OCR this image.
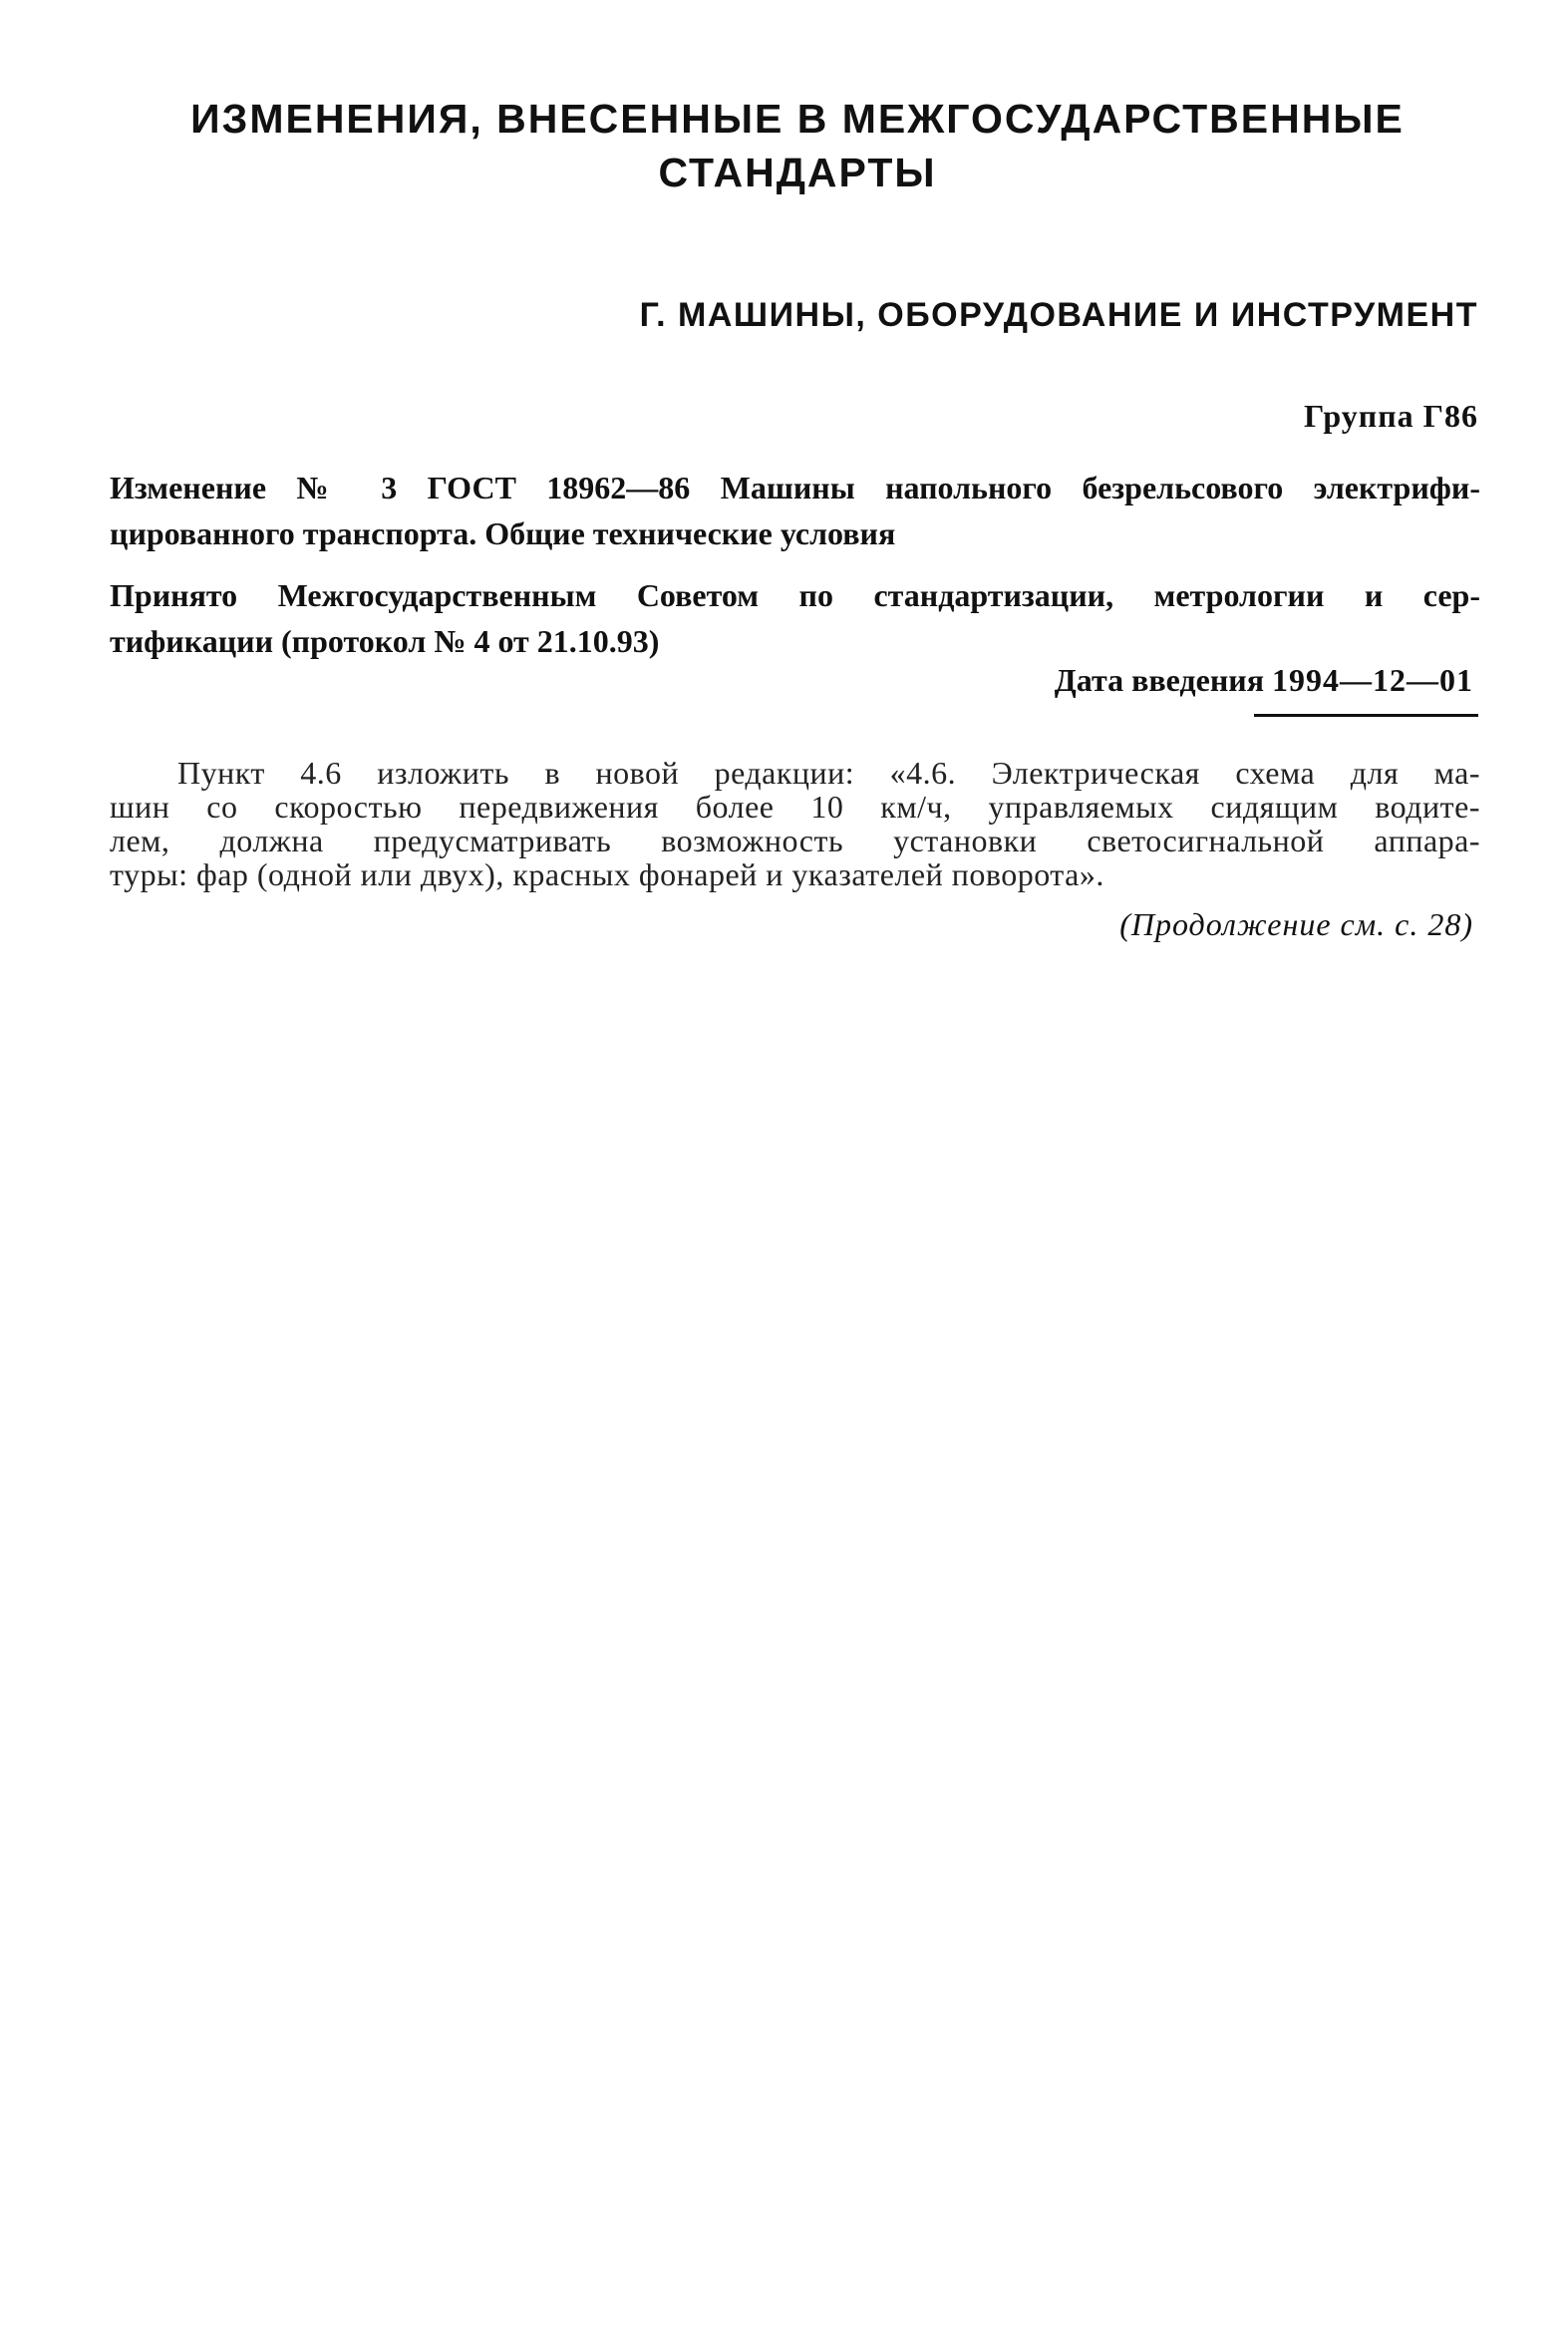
ИЗМЕНЕНИЯ, ВНЕСЕННЫЕ В МЕЖГОСУДАРСТВЕННЫЕ
СТАНДАРТЫ
Г. МАШИНЫ, ОБОРУДОВАНИЕ И ИНСТРУМЕНТ
Группа Г86
Изменение № 3 ГОСТ 18962—86 Машины напольного безрельсового электрифи-
цированного транспорта. Общие технические условия
Принято Межгосударственным Советом по стандартизации, метрологии и сер-
тификации (протокол № 4 от 21.10.93)
Дата введения 1994—12—01
Пункт 4.6 изложить в новой редакции: «4.6. Электрическая схема для ма-
шин со скоростью передвижения более 10 км/ч, управляемых сидящим водите-
лем, должна предусматривать возможность установки светосигнальной аппара-
туры: фар (одной или двух), красных фонарей и указателей поворота».
(Продолжение см. с. 28)
